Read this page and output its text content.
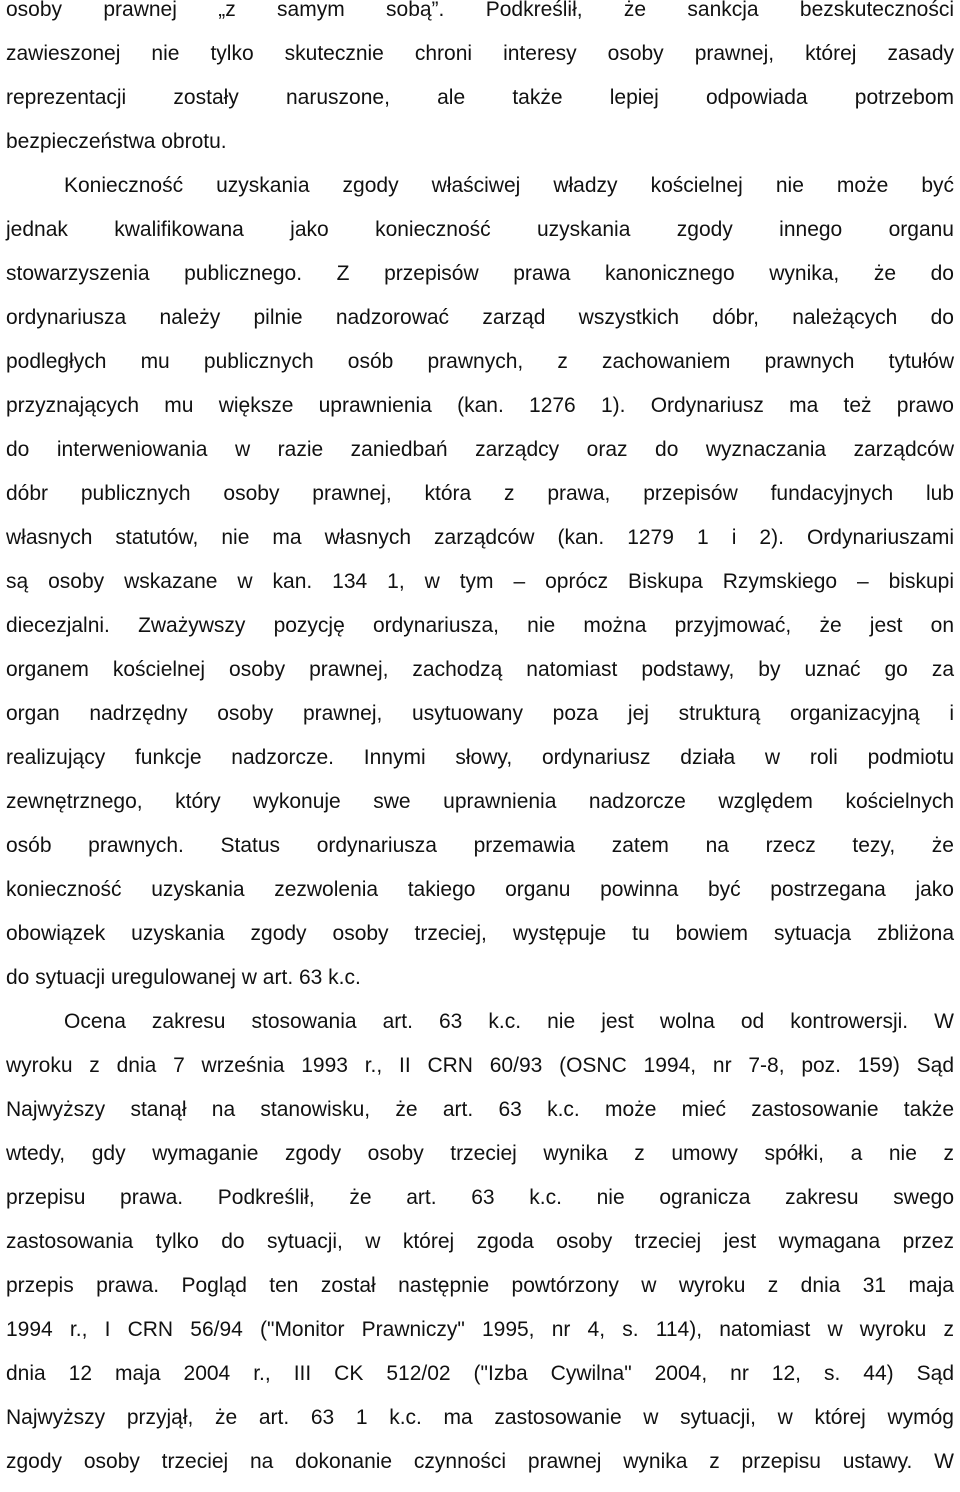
osoby prawnej „z samym sobą”. Podkreślił, że sankcja bezskuteczności
zawieszonej nie tylko skutecznie chroni interesy osoby prawnej, której zasady
reprezentacji zostały naruszone, ale także lepiej odpowiada potrzebom
bezpieczeństwa obrotu.
Konieczność uzyskania zgody właściwej władzy kościelnej nie może być
jednak kwalifikowana jako konieczność uzyskania zgody innego organu
stowarzyszenia publicznego. Z przepisów prawa kanonicznego wynika, że do
ordynariusza należy pilnie nadzorować zarząd wszystkich dóbr, należących do
podległych mu publicznych osób prawnych, z zachowaniem prawnych tytułów
przyznających mu większe uprawnienia (kan. 1276 1). Ordynariusz ma też prawo
do interweniowania w razie zaniedbań zarządcy oraz do wyznaczania zarządców
dóbr publicznych osoby prawnej, która z prawa, przepisów fundacyjnych lub
własnych statutów, nie ma własnych zarządców (kan. 1279 1 i 2). Ordynariuszami
są osoby wskazane w kan. 134 1, w tym – oprócz Biskupa Rzymskiego – biskupi
diecezjalni. Zważywszy pozycję ordynariusza, nie można przyjmować, że jest on
organem kościelnej osoby prawnej, zachodzą natomiast podstawy, by uznać go za
organ nadrzędny osoby prawnej, usytuowany poza jej strukturą organizacyjną i
realizujący funkcje nadzorcze. Innymi słowy, ordynariusz działa w roli podmiotu
zewnętrznego, który wykonuje swe uprawnienia nadzorcze względem kościelnych
osób prawnych. Status ordynariusza przemawia zatem na rzecz tezy, że
konieczność uzyskania zezwolenia takiego organu powinna być postrzegana jako
obowiązek uzyskania zgody osoby trzeciej, występuje tu bowiem sytuacja zbliżona
do sytuacji uregulowanej w art. 63 k.c.
Ocena zakresu stosowania art. 63 k.c. nie jest wolna od kontrowersji. W
wyroku z dnia 7 września 1993 r., II CRN 60/93 (OSNC 1994, nr 7-8, poz. 159) Sąd
Najwyższy stanął na stanowisku, że art. 63 k.c. może mieć zastosowanie także
wtedy, gdy wymaganie zgody osoby trzeciej wynika z umowy spółki, a nie z
przepisu prawa. Podkreślił, że art. 63 k.c. nie ogranicza zakresu swego
zastosowania tylko do sytuacji, w której zgoda osoby trzeciej jest wymagana przez
przepis prawa. Pogląd ten został następnie powtórzony w wyroku z dnia 31 maja
1994 r., I CRN 56/94 ("Monitor Prawniczy" 1995, nr 4, s. 114), natomiast w wyroku z
dnia 12 maja 2004 r., III CK 512/02 ("Izba Cywilna" 2004, nr 12, s. 44) Sąd
Najwyższy przyjął, że art. 63 1 k.c. ma zastosowanie w sytuacji, w której wymóg
zgody osoby trzeciej na dokonanie czynności prawnej wynika z przepisu ustawy. W
